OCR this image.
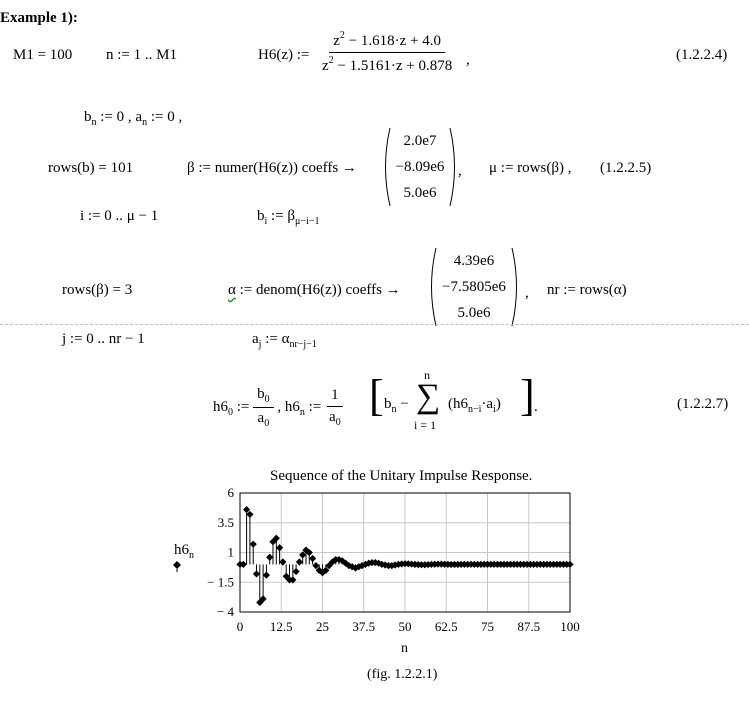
Example 1):
M1 = 100 n := 1 .. M1	H6(z) := $\frac{z^2 - 1.618\cdot z + 4.0}{z^2 - 1.5161\cdot z + 0.878}$ ,	(1.2.2.4)
$b_n$ := 0 , $a_n$ := 0 ,
rows(b) = 101	β := numer(H6(z)) coeffs →
2.0e7
−8.09e6
5.0e6
, μ := rows(β) , (1.2.2.5)
i := 0 .. μ − 1	$b_i$ := $\beta_{\mu-i-1}$
rows(β) = 3	α := denom(H6(z)) coeffs →
4.39e6
−7.5805e6
5.0e6
, nr := rows(α)
j := 0 .. nr − 1	$a_j$ := $\alpha_{nr-j-1}$
$h6_0$ := $\frac{b_0}{a_0}$ , $h6_n$ := $\frac{1}{a_0}$ [ $b_n$ −
n
∑
i = 1
$(h6_{n-i}\cdot a_i)$ ] .	(1.2.2.7)
Sequence of the Unitary Impulse Response.
$h6_n$
0 12.5 25 37.5 50 62.5 75 87.5 100
6
3.5
1
− 1.5
− 4
n
(fig. 1.2.2.1)
